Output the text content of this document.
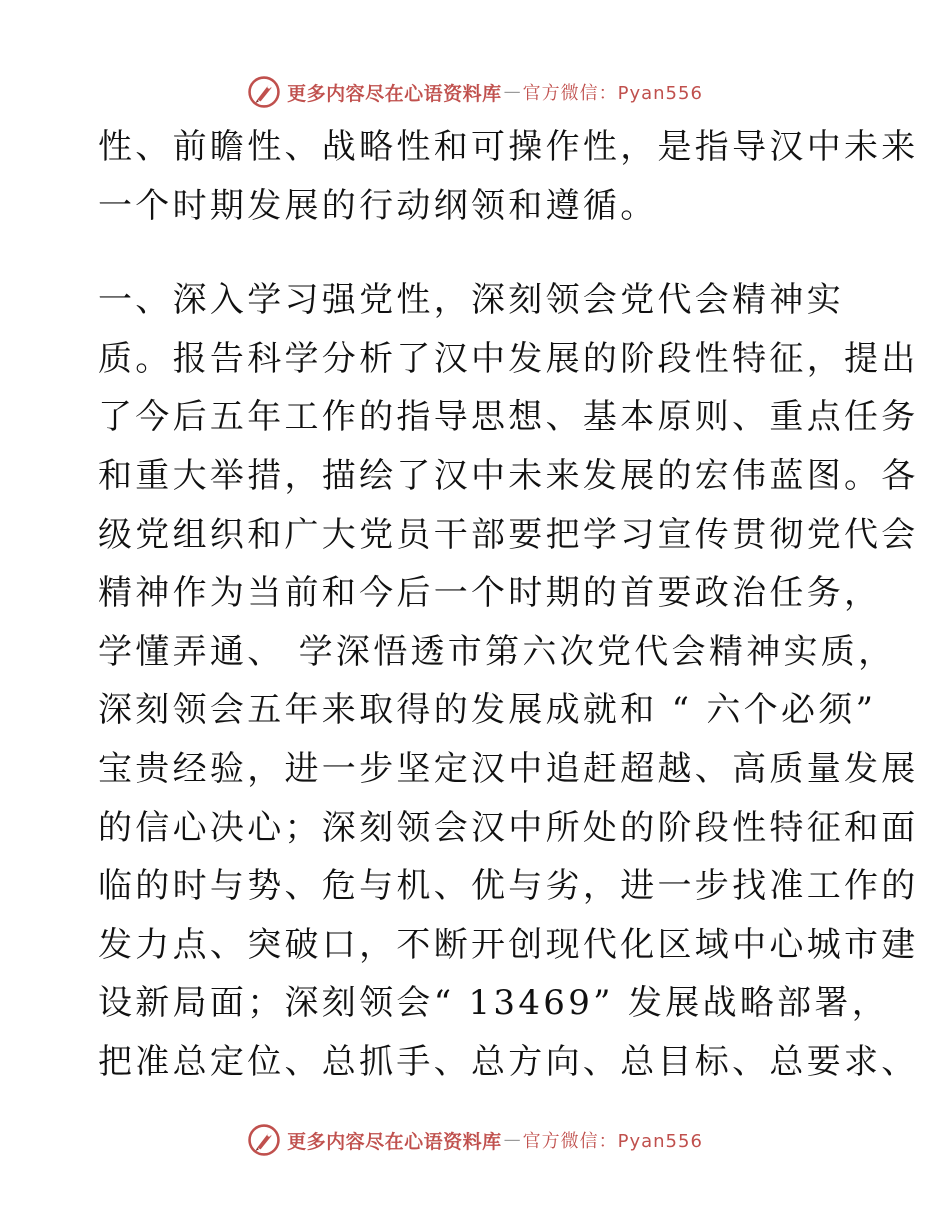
更多内容尽在心语资料库 — 官方微信：Pyan556
性、前瞻性、战略性和可操作性，是指导汉中未来
一个时期发展的行动纲领和遵循。
一、深入学习强党性，深刻领会党代会精神实
质。报告科学分析了汉中发展的阶段性特征，提出
了今后五年工作的指导思想、基本原则、重点任务
和重大举措，描绘了汉中未来发展的宏伟蓝图。各
级党组织和广大党员干部要把学习宣传贯彻党代会
精神作为当前和今后一个时期的首要政治任务，
学懂弄通、 学深悟透市第六次党代会精神实质，
深刻领会五年来取得的发展成就和 “ 六个必须”
宝贵经验，进一步坚定汉中追赶超越、高质量发展
的信心决心；深刻领会汉中所处的阶段性特征和面
临的时与势、危与机、优与劣，进一步找准工作的
发力点、突破口，不断开创现代化区域中心城市建
设新局面；深刻领会“ 13469” 发展战略部署，
把准总定位、总抓手、总方向、总目标、总要求、
更多内容尽在心语资料库 — 官方微信：Pyan556
